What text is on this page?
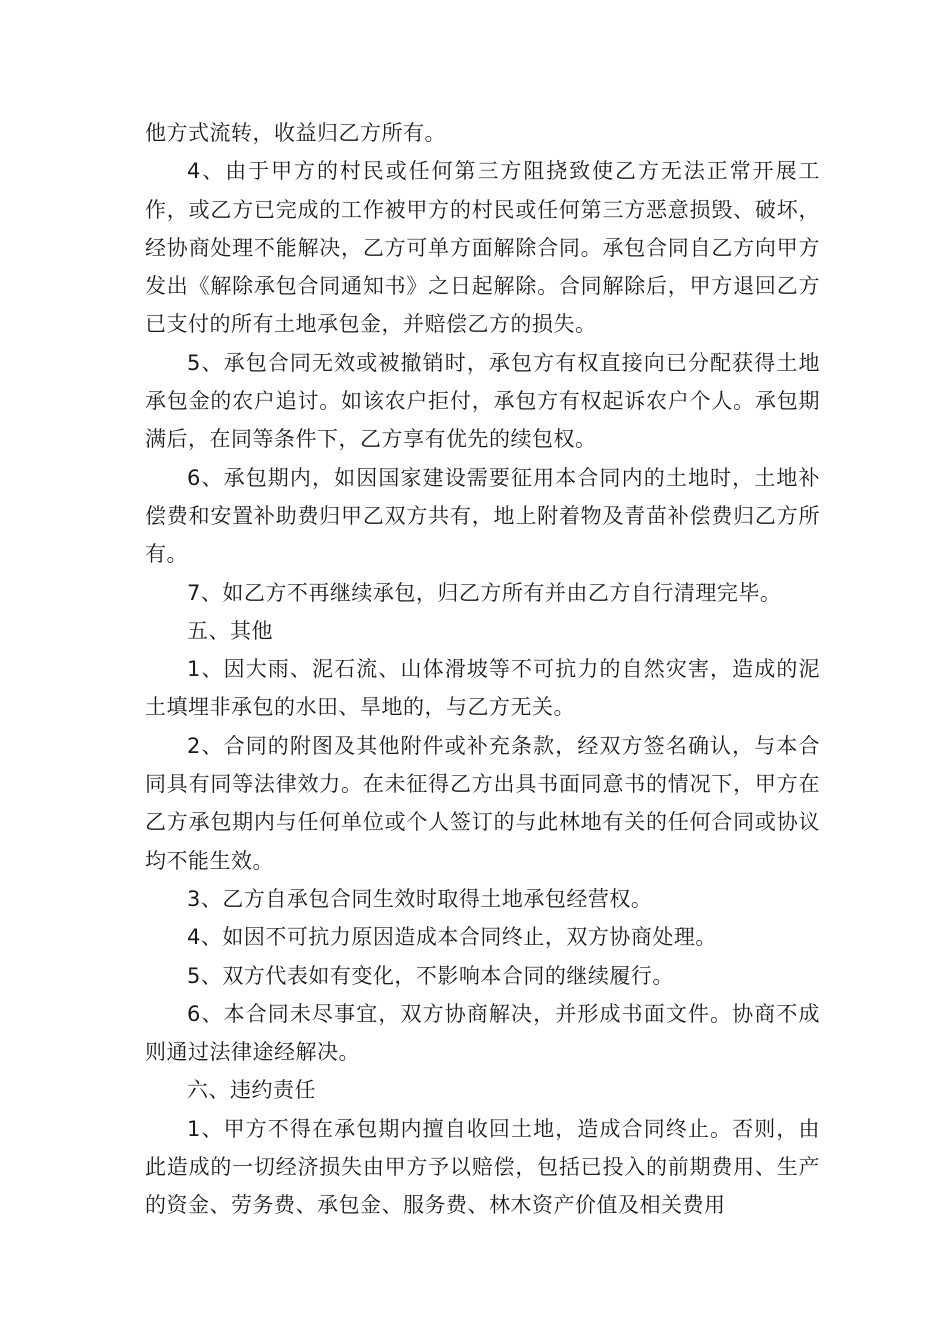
他方式流转，收益归乙方所有。

4、由于甲方的村民或任何第三方阻挠致使乙方无法正常开展工作，或乙方已完成的工作被甲方的村民或任何第三方恶意损毁、破坏，经协商处理不能解决，乙方可单方面解除合同。承包合同自乙方向甲方发出《解除承包合同通知书》之日起解除。合同解除后，甲方退回乙方已支付的所有土地承包金，并赔偿乙方的损失。

5、承包合同无效或被撤销时，承包方有权直接向已分配获得土地承包金的农户追讨。如该农户拒付，承包方有权起诉农户个人。承包期满后，在同等条件下，乙方享有优先的续包权。

6、承包期内，如因国家建设需要征用本合同内的土地时，土地补偿费和安置补助费归甲乙双方共有，地上附着物及青苗补偿费归乙方所有。

7、如乙方不再继续承包，归乙方所有并由乙方自行清理完毕。

五、其他

1、因大雨、泥石流、山体滑坡等不可抗力的自然灾害，造成的泥土填埋非承包的水田、旱地的，与乙方无关。

2、合同的附图及其他附件或补充条款，经双方签名确认，与本合同具有同等法律效力。在未征得乙方出具书面同意书的情况下，甲方在乙方承包期内与任何单位或个人签订的与此林地有关的任何合同或协议均不能生效。

3、乙方自承包合同生效时取得土地承包经营权。

4、如因不可抗力原因造成本合同终止，双方协商处理。

5、双方代表如有变化，不影响本合同的继续履行。

6、本合同未尽事宜，双方协商解决，并形成书面文件。协商不成则通过法律途经解决。

六、违约责任

1、甲方不得在承包期内擅自收回土地，造成合同终止。否则，由此造成的一切经济损失由甲方予以赔偿，包括已投入的前期费用、生产的资金、劳务费、承包金、服务费、林木资产价值及相关费用
